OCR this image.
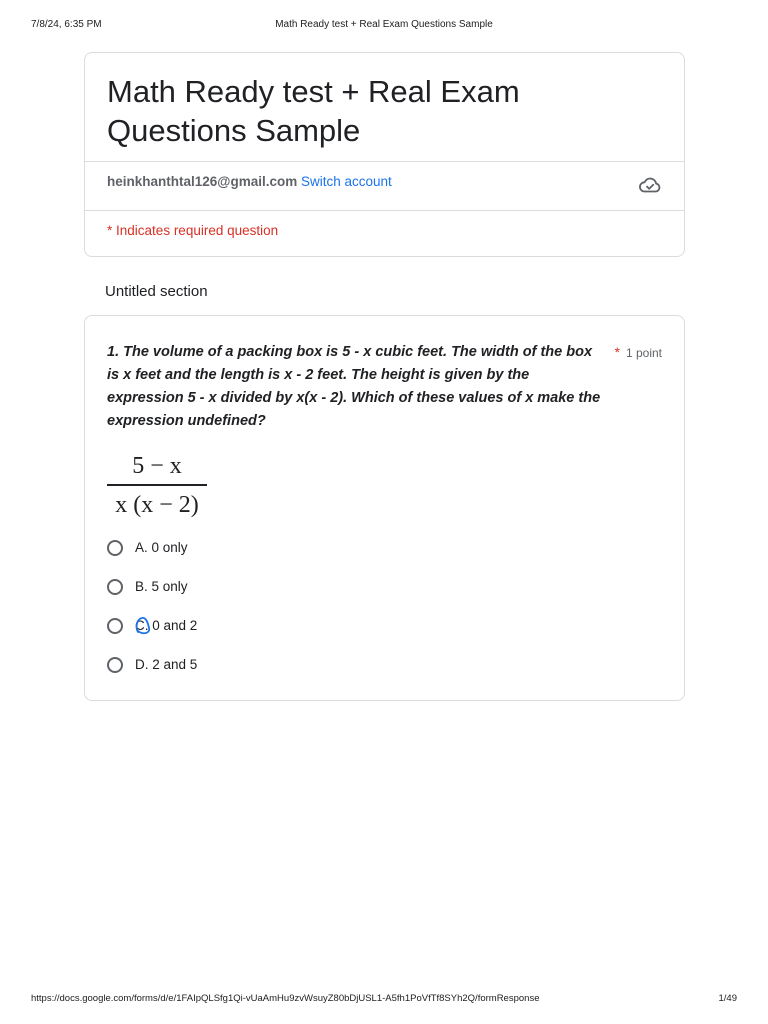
7/8/24, 6:35 PM	Math Ready test + Real Exam Questions Sample
Math Ready test + Real Exam Questions Sample
heinkhanthtal126@gmail.com Switch account
* Indicates required question
Untitled section
1. The volume of a packing box is 5 - x cubic feet. The width of the box is x feet and the length is x - 2 feet. The height is given by the expression 5 - x divided by x(x - 2). Which of these values of x make the expression undefined?
* 1 point
5 − x
x (x − 2)
A. 0 only
B. 5 only
C. 0 and 2
D. 2 and 5
https://docs.google.com/forms/d/e/1FAIpQLSfg1Qi-vUaAmHu9zvWsuyZ80bDjUSL1-A5fh1PoVfTf8SYh2Q/formResponse	1/49
